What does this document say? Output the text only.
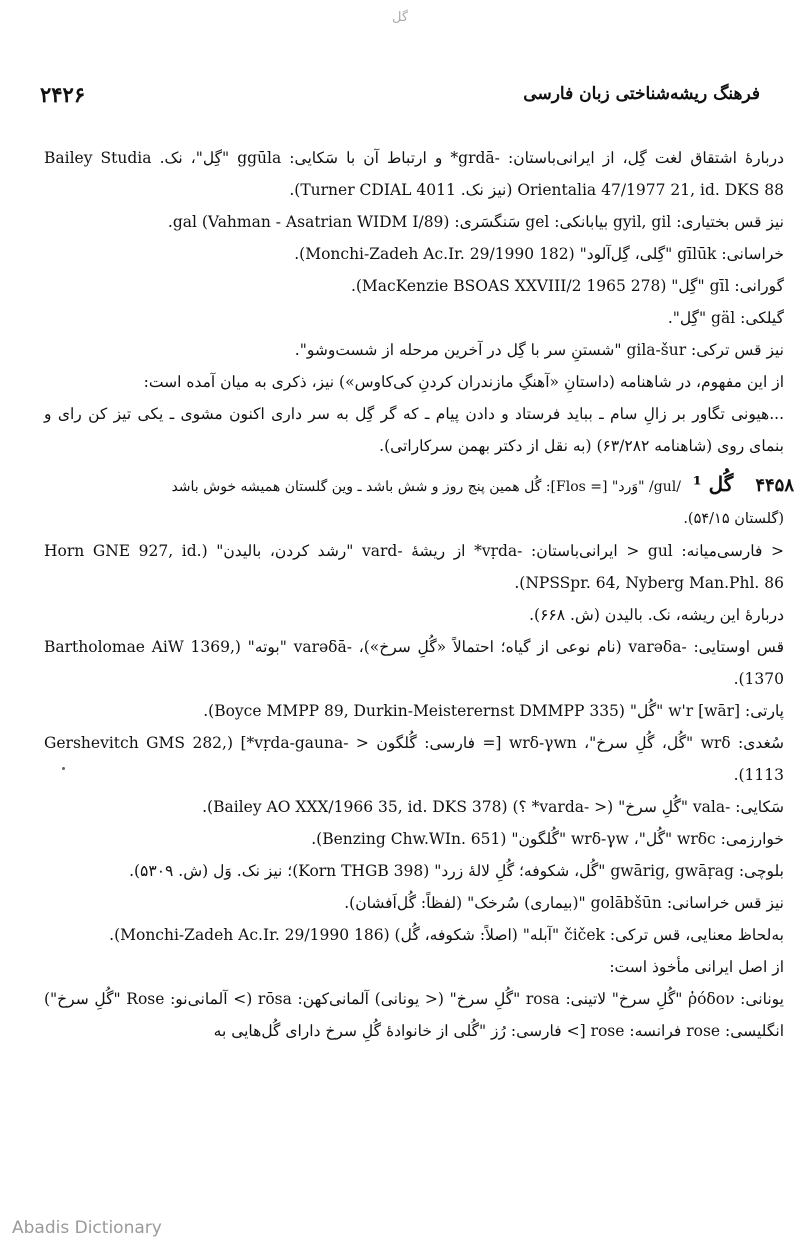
گل
۲۴۲۶	فرهنگ ریشه‌شناختی زبان فارسی

دربارهٔ اشتقاق لغت گِل، از ایرانی‌باستان: -grdā* و ارتباط آن با سَکایی: ggūla "گِل"، نک. Bailey Studia Orientalia 47/1977 21, id. DKS 88 (نیز نک. Turner CDIAL 4011).

نیز قس بختیاری: gyil, gil بیابانکی: gel سَنگسَری: gal (Vahman - Asatrian WIDM I/89).

خراسانی: gīlūk "گِلی، گِل‌آلود" (Monchi-Zadeh Ac.Ir. 29/1990 182).

گورانی: gīl "گِل" (MacKenzie BSOAS XXVIII/2 1965 278).

گیلکی: gäl "گِل".

نیز قس ترکی: gila-šur "شستنِ سر با گِل در آخرین مرحله از شست‌وشو".

از این مفهوم، در شاهنامه (داستانِ «آهنگِ مازندران کردنِ کی‌کاوس») نیز، ذکری به میان آمده است:

...هیونی تگاور بر زالِ سام ـ بباید فرستاد و دادن پیام ـ که گر گِل به سر داری اکنون مشوی ـ یکی تیز کن رای و بنمای روی (شاهنامه ۶۳/۲۸۲) (به نقل از دکتر بهمن سرکاراتی).

۴۴۵۸
گُل ¹
/gul/ "وَرد" [= Flos]: گُل همین پنج روز و شش باشد ـ وین گلستان همیشه خوش باشد

(گلستان ۵۴/۱۵).

< فارسی‌میانه: gul < ایرانی‌باستان: -vṛda* از ریشهٔ -vard "رشد کردن، بالیدن" (Horn GNE 927, id. NPSSpr. 64, Nyberg Man.Phl. 86).

دربارهٔ این ریشه، نک. بالیدن (ش. ۶۶۸).

قس اوستایی: -varəδa (نام نوعی از گیاه؛ احتمالاً «گُلِ سرخ»)، -varəδā "بوته" (Bartholomae AiW 1369, 1370).

پارتی: w'r [wār] "گُل" (Boyce MMPP 89, Durkin-Meisterernst DMMPP 335).

سُغدی: wrδ "گُل، گُلِ سرخ"، wrδ-γwn [= فارسی: گُلگون < -vṛda-gauna*] (Gershevitch GMS 282, 1113).

سَکایی: -vala "گُلِ سرخ" (< -varda* ؟) (Bailey AO XXX/1966 35, id. DKS 378).

خوارزمی: wrδc "گُل"، wrδ-γw "گُلگون" (Benzing Chw.WIn. 651).

بلوچی: gwārig, gwāṛag "گُل، شکوفه؛ گُلِ لالهٔ زرد" (Korn THGB 398)؛ نیز نک. وَل (ش. ۵۳۰۹).

نیز قس خراسانی: golābšūn "(بیماری) سُرخک" (لفظاً: گُل‌اَفشان).

به‌لحاظ معنایی، قس ترکی: čiček "آبله" (اصلاً: شکوفه، گُل) (Monchi-Zadeh Ac.Ir. 29/1990 186).

از اصل ایرانی مأخوذ است:

یونانی: ῥόδον "گُلِ سرخ" لاتینی: rosa "گُلِ سرخ" (< یونانی) آلمانی‌کهن: rōsa (> آلمانی‌نو: Rose "گُلِ سرخ") انگلیسی: rose فرانسه: rose [> فارسی: رُز "گُلی از خانوادهٔ گُلِ سرخ دارای گُل‌هایی به

Abadis Dictionary
